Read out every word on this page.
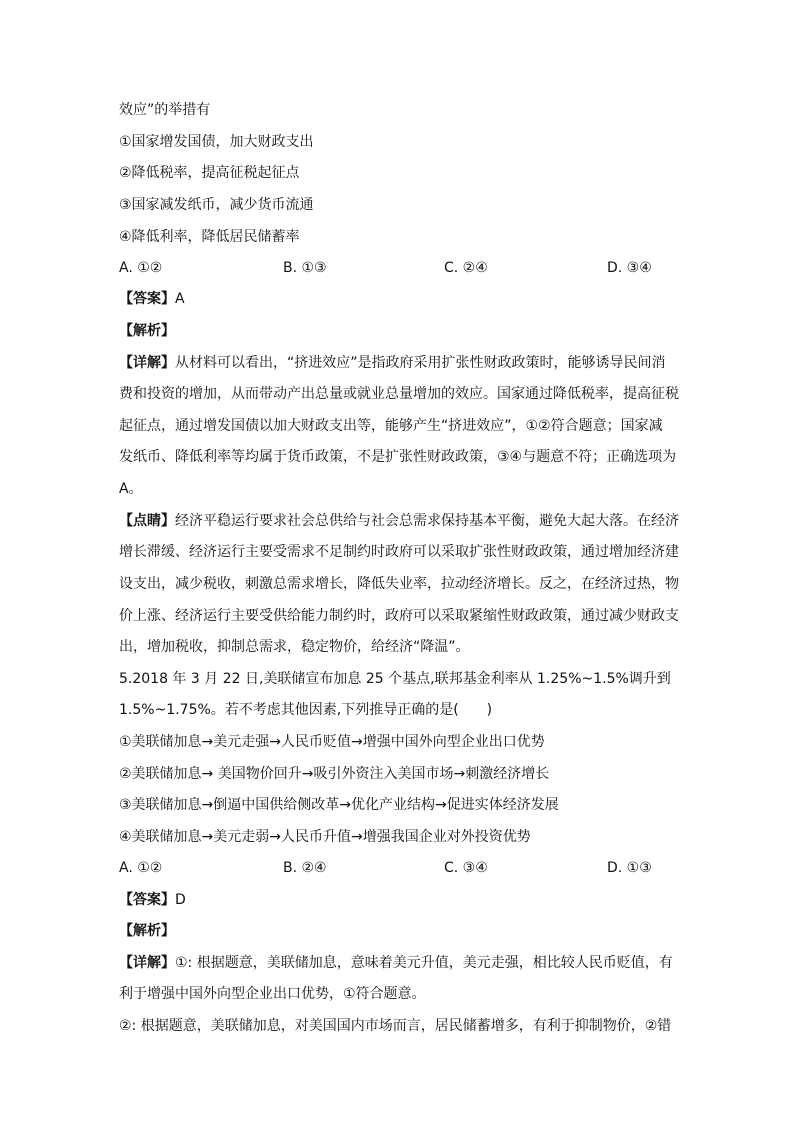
效应”的举措有
①国家增发国债，加大财政支出
②降低税率，提高征税起征点
③国家减发纸币，减少货币流通
④降低利率，降低居民储蓄率
A. ①②	B. ①③	C. ②④	D. ③④
【答案】A
【解析】
【详解】从材料可以看出，“挤进效应”是指政府采用扩张性财政政策时，能够诱导民间消
费和投资的增加，从而带动产出总量或就业总量增加的效应。国家通过降低税率，提高征税
起征点，通过增发国债以加大财政支出等，能够产生“挤进效应”，①②符合题意；国家减
发纸币、降低利率等均属于货币政策，不是扩张性财政政策，③④与题意不符；正确选项为
A。
【点睛】经济平稳运行要求社会总供给与社会总需求保持基本平衡，避免大起大落。在经济
增长滞缓、经济运行主要受需求不足制约时政府可以采取扩张性财政政策，通过增加经济建
设支出，减少税收，刺激总需求增长，降低失业率，拉动经济增长。反之，在经济过热，物
价上涨、经济运行主要受供给能力制约时，政府可以采取紧缩性财政政策，通过减少财政支
出，增加税收，抑制总需求，稳定物价，给经济“降温”。
5.2018 年 3 月 22 日,美联储宣布加息 25 个基点,联邦基金利率从 1.25%~1.5%调升到
1.5%~1.75%。若不考虑其他因素,下列推导正确的是(　　)
①美联储加息→美元走强→人民币贬值→增强中国外向型企业出口优势
②美联储加息→ 美国物价回升→吸引外资注入美国市场→刺激经济增长
③美联储加息→倒逼中国供给侧改革→优化产业结构→促进实体经济发展
④美联储加息→美元走弱→人民币升值→增强我国企业对外投资优势
A. ①②	B. ②④	C. ③④	D. ①③
【答案】D
【解析】
【详解】①: 根据题意，美联储加息，意味着美元升值，美元走强，相比较人民币贬值，有
利于增强中国外向型企业出口优势，①符合题意。
②: 根据题意，美联储加息，对美国国内市场而言，居民储蓄增多，有利于抑制物价，②错
